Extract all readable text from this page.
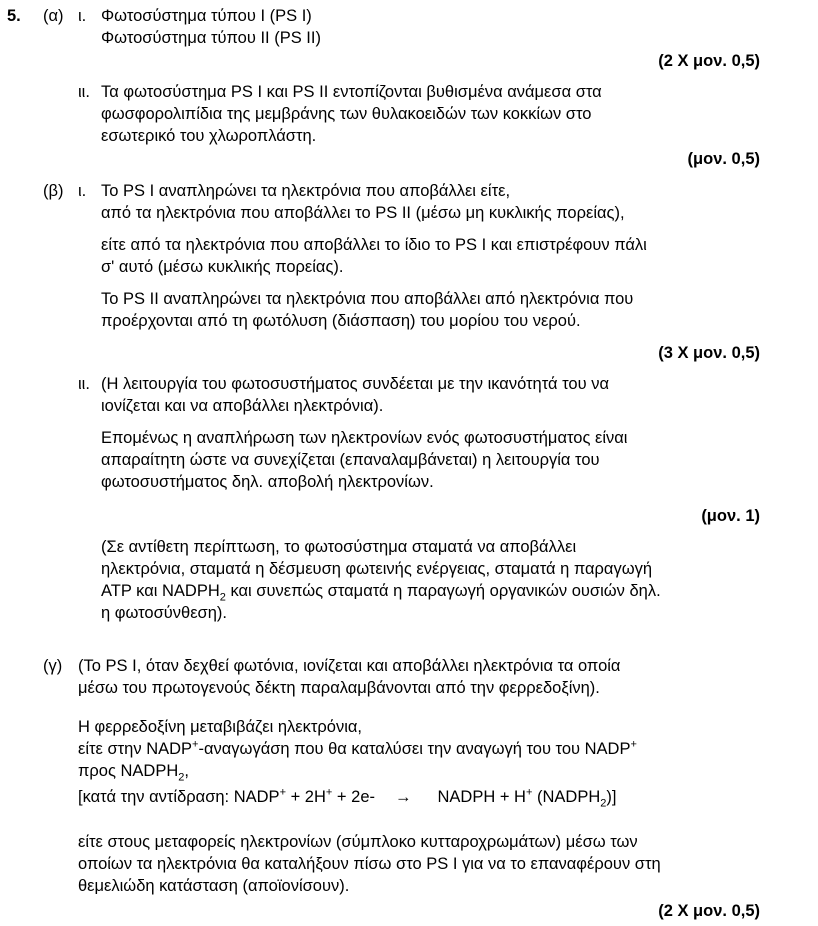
5. (α) ι. Φωτοσύστημα τύπου Ι (PS I)
Φωτοσύστημα τύπου ΙΙ (PS II)
(2 Χ μον. 0,5)
ιι. Τα φωτοσύστημα PS I και PS II εντοπίζονται βυθισμένα ανάμεσα στα
φωσφορολιπίδια της μεμβράνης των θυλακοειδών των κοκκίων στο
εσωτερικό του χλωροπλάστη.
(μον. 0,5)
(β) ι. Το PS I αναπληρώνει τα ηλεκτρόνια που αποβάλλει είτε,
από τα ηλεκτρόνια που αποβάλλει το PS II (μέσω μη κυκλικής πορείας),
είτε από τα ηλεκτρόνια που αποβάλλει το ίδιο το PS I και επιστρέφουν πάλι
σ' αυτό (μέσω κυκλικής πορείας).
Το PS II αναπληρώνει τα ηλεκτρόνια που αποβάλλει από ηλεκτρόνια που
προέρχονται από τη φωτόλυση (διάσπαση) του μορίου του νερού.
(3 Χ μον. 0,5)
ιι. (Η λειτουργία του φωτοσυστήματος συνδέεται με την ικανότητά του να
ιονίζεται και να αποβάλλει ηλεκτρόνια).
Επομένως η αναπλήρωση των ηλεκτρονίων ενός φωτοσυστήματος είναι
απαραίτητη ώστε να συνεχίζεται (επαναλαμβάνεται) η λειτουργία του
φωτοσυστήματος δηλ. αποβολή ηλεκτρονίων.
(μον. 1)
(Σε αντίθετη περίπτωση, το φωτοσύστημα σταματά να αποβάλλει
ηλεκτρόνια, σταματά η δέσμευση φωτεινής ενέργειας, σταματά η παραγωγή
ATP και $NADPH_2$ και συνεπώς σταματά η παραγωγή οργανικών ουσιών δηλ.
η φωτοσύνθεση).
(γ) (Το PS I, όταν δεχθεί φωτόνια, ιονίζεται και αποβάλλει ηλεκτρόνια τα οποία
μέσω του πρωτογενούς δέκτη παραλαμβάνονται από την φερρεδοξίνη).
Η φερρεδοξίνη μεταβιβάζει ηλεκτρόνια,
είτε στην NADP+-αναγωγάση που θα καταλύσει την αναγωγή του του NADP+
προς $NADPH_2$,
[κατά την αντίδραση: NADP+ + 2H+ + 2e- → NADPH + H+ $(NADPH_2)$]
είτε στους μεταφορείς ηλεκτρονίων (σύμπλοκο κυτταροχρωμάτων) μέσω των
οποίων τα ηλεκτρόνια θα καταλήξουν πίσω στο PS I για να το επαναφέρουν στη
θεμελιώδη κατάσταση (αποϊονίσουν).
(2 Χ μον. 0,5)
